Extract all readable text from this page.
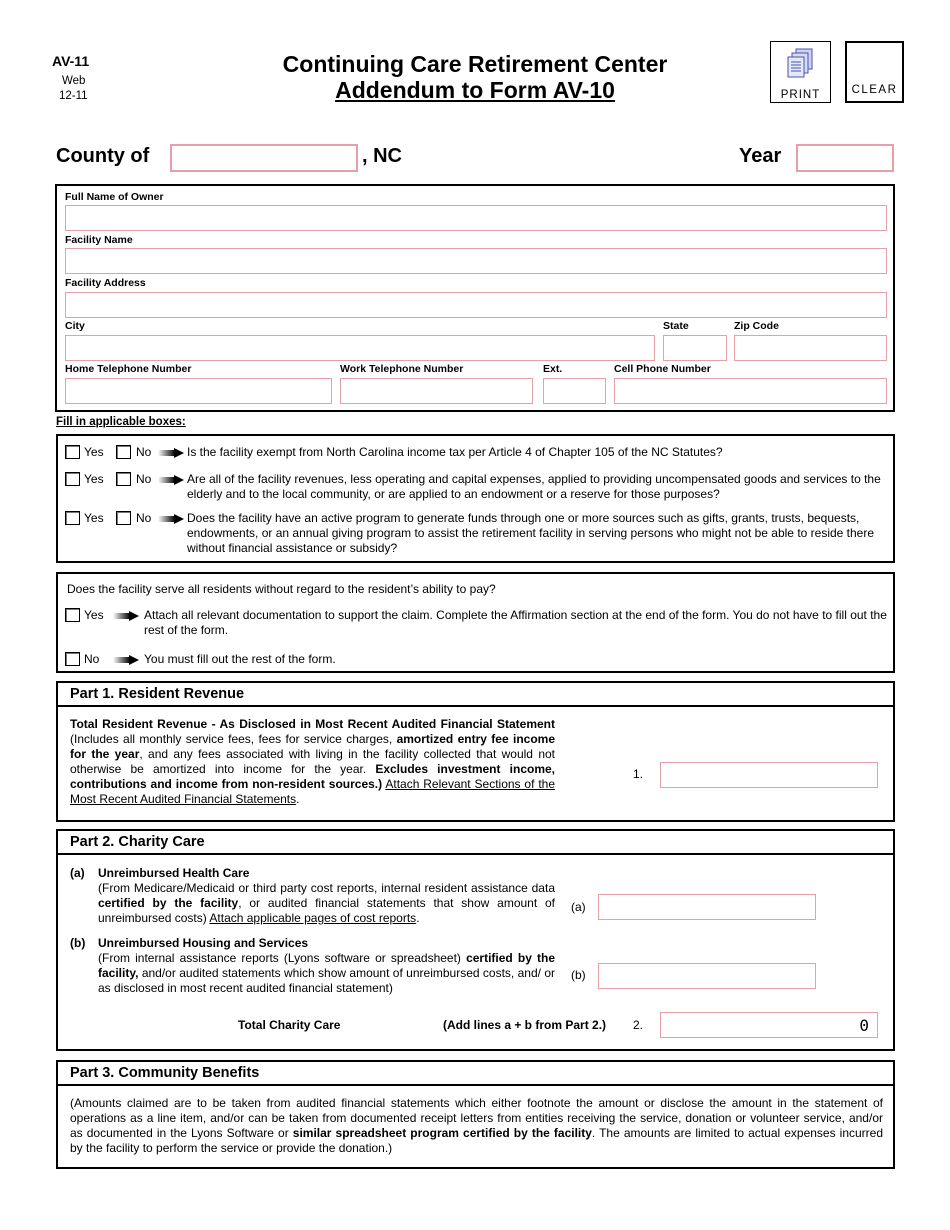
AV-11
Web
12-11
Continuing Care Retirement Center
Addendum to Form AV-10	PRINT	CLEAR
County of	, NC	Year
Full Name of Owner
Facility Name
Facility Address
City	State	Zip Code
Home Telephone Number	Work Telephone Number	Ext.	Cell Phone Number
Fill in applicable boxes:
Yes	No	Is the facility exempt from North Carolina income tax per Article 4 of Chapter 105 of the NC Statutes?
Yes	No	Are all of the facility revenues, less operating and capital expenses, applied to providing uncompensated goods and services to the elderly and to the local community, or are applied to an endowment or a reserve for those purposes?
Yes	No	Does the facility have an active program to generate funds through one or more sources such as gifts, grants, trusts, bequests, endowments, or an annual giving program to assist the retirement facility in serving persons who might not be able to reside there without financial assistance or subsidy?
Does the facility serve all residents without regard to the resident’s ability to pay?
Yes	Attach all relevant documentation to support the claim. Complete the Affirmation section at the end of the form. You do not have to fill out the rest of the form.
No	You must fill out the rest of the form.
Part 1. Resident Revenue
Total Resident Revenue - As Disclosed in Most Recent Audited Financial Statement (Includes all monthly service fees, fees for service charges, amortized entry fee income for the year, and any fees associated with living in the facility collected that would not otherwise be amortized into income for the year. Excludes investment income, contributions and income from non-resident sources.) Attach Relevant Sections of the Most Recent Audited Financial Statements.
1.
Part 2. Charity Care
(a) Unreimbursed Health Care
(From Medicare/Medicaid or third party cost reports, internal resident assistance data certified by the facility, or audited financial statements that show amount of unreimbursed costs) Attach applicable pages of cost reports.
(a)
(b) Unreimbursed Housing and Services
(From internal assistance reports (Lyons software or spreadsheet) certified by the facility, and/or audited statements which show amount of unreimbursed costs, and/ or as disclosed in most recent audited financial statement)
(b)
Total Charity Care	(Add lines a + b from Part 2.) 2.	0
Part 3. Community Benefits
(Amounts claimed are to be taken from audited financial statements which either footnote the amount or disclose the amount in the statement of operations as a line item, and/or can be taken from documented receipt letters from entities receiving the service, donation or volunteer service, and/or as documented in the Lyons Software or similar spreadsheet program certified by the facility. The amounts are limited to actual expenses incurred by the facility to perform the service or provide the donation.)
